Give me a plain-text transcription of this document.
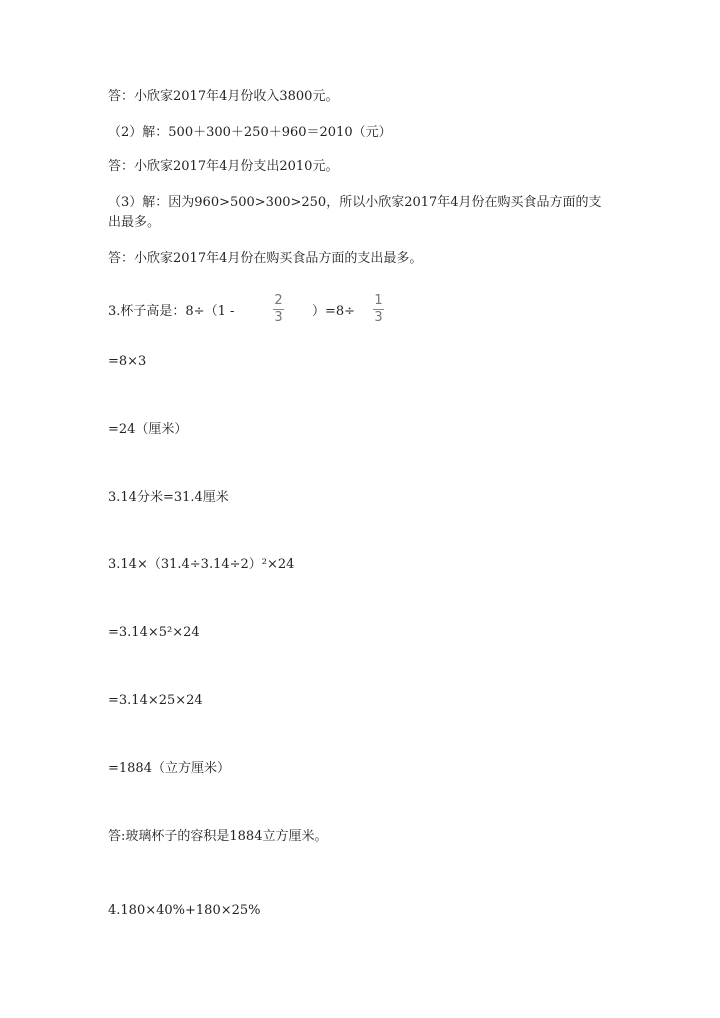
答：小欣家2017年4月份收入3800元。
（2）解：500＋300＋250＋960＝2010（元）
答：小欣家2017年4月份支出2010元。
（3）解：因为960>500>300>250，所以小欣家2017年4月份在购买食品方面的支出最多。
答：小欣家2017年4月份在购买食品方面的支出最多。
3.杯子高是：8÷（1 -
2
3 ）=8÷
1
3
=8×3
=24（厘米）
3.14分米=31.4厘米
3.14×（31.4÷3.14÷2）²×24
=3.14×5²×24
=3.14×25×24
=1884（立方厘米）
答:玻璃杯子的容积是1884立方厘米。
4.180×40%+180×25%
